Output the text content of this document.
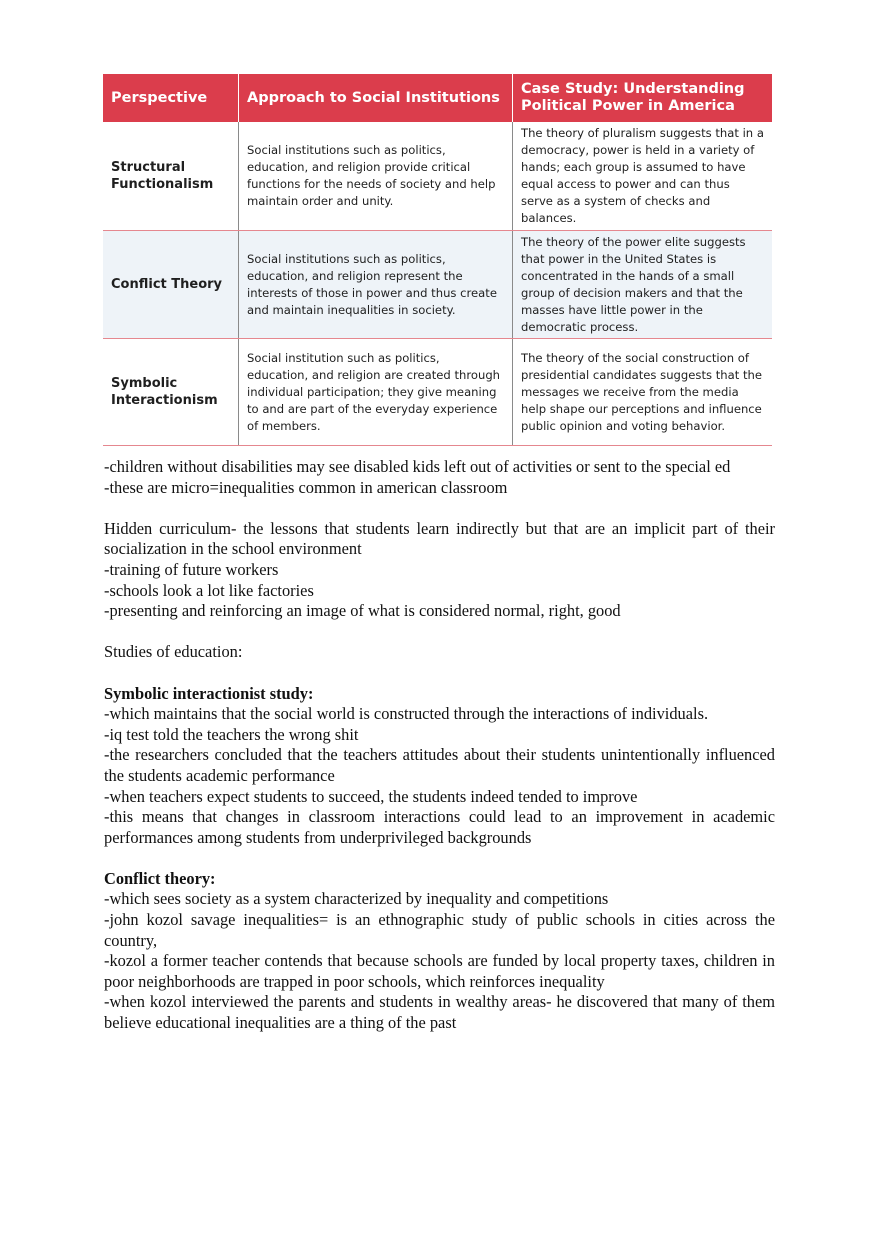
Perspective	Approach to Social Institutions	Case Study: Understanding Political Power in America
Structural Functionalism	Social institutions such as politics, education, and religion provide critical functions for the needs of society and help maintain order and unity.	The theory of pluralism suggests that in a democracy, power is held in a variety of hands; each group is assumed to have equal access to power and can thus serve as a system of checks and balances.
Conflict Theory	Social institutions such as politics, education, and religion represent the interests of those in power and thus create and maintain inequalities in society.	The theory of the power elite suggests that power in the United States is concentrated in the hands of a small group of decision makers and that the masses have little power in the democratic process.
Symbolic Interactionism	Social institution such as politics, education, and religion are created through individual participation; they give meaning to and are part of the everyday experience of members.	The theory of the social construction of presidential candidates suggests that the messages we receive from the media help shape our perceptions and influence public opinion and voting behavior.

-children without disabilities may see disabled kids left out of activities or sent to the special ed

-these are micro=inequalities common in american classroom

Hidden curriculum- the lessons that students learn indirectly but that are an implicit part of their socialization in the school environment

-training of future workers

-schools look a lot like factories

-presenting and reinforcing an image of what is considered normal, right, good

Studies of education:

Symbolic interactionist study:

-which maintains that the social world is constructed through the interactions of individuals.

-iq test told the teachers the wrong shit

-the researchers concluded that the teachers attitudes about their students unintentionally influenced the students academic performance

-when teachers expect students to succeed, the students indeed tended to improve

-this means that changes in classroom interactions could lead to an improvement in academic performances among students from underprivileged backgrounds

Conflict theory:

-which sees society as a system characterized by inequality and competitions

-john kozol savage inequalities= is an ethnographic study of public schools in cities across the country,

-kozol a former teacher contends that because schools are funded by local property taxes, children in poor neighborhoods are trapped in poor schools, which reinforces inequality

-when kozol interviewed the parents and students in wealthy areas- he discovered that many of them believe educational inequalities are a thing of the past
